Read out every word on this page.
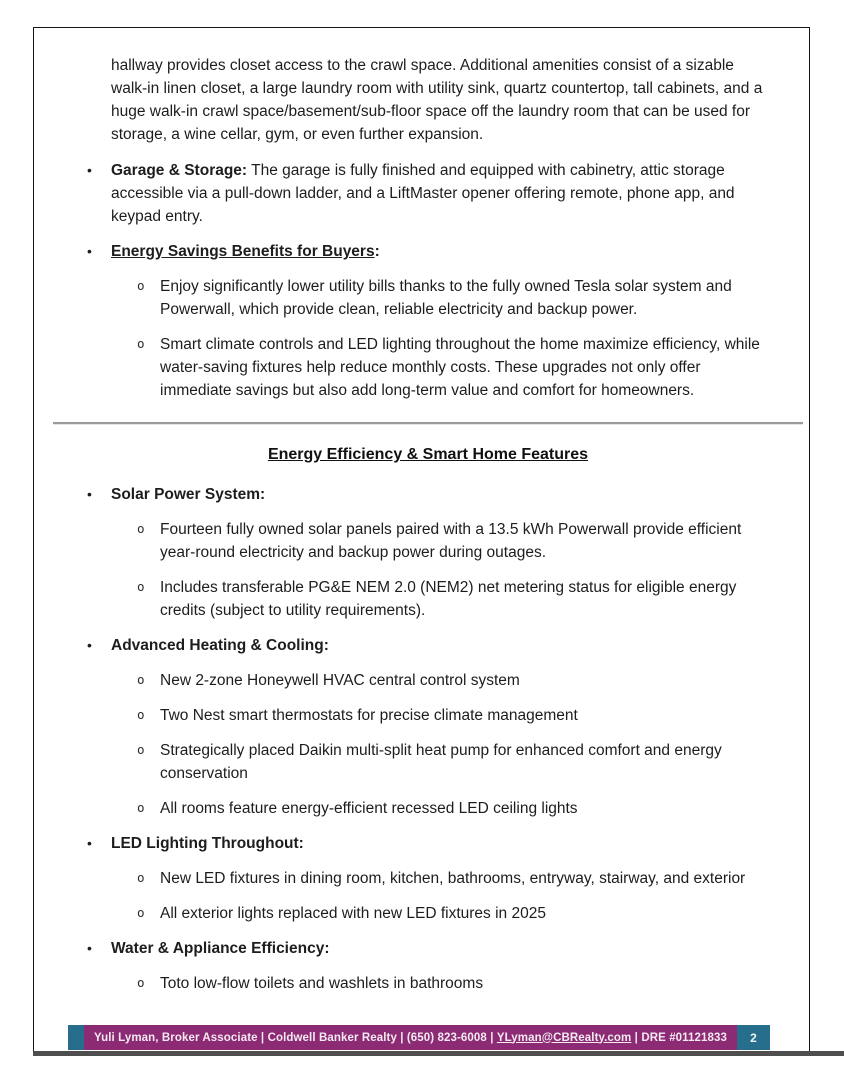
hallway provides closet access to the crawl space. Additional amenities consist of a sizable walk-in linen closet, a large laundry room with utility sink, quartz countertop, tall cabinets, and a huge walk-in crawl space/basement/sub-floor space off the laundry room that can be used for storage, a wine cellar, gym, or even further expansion.

•	Garage & Storage: The garage is fully finished and equipped with cabinetry, attic storage accessible via a pull-down ladder, and a LiftMaster opener offering remote, phone app, and keypad entry.
•	Energy Savings Benefits for Buyers:
o Enjoy significantly lower utility bills thanks to the fully owned Tesla solar system and Powerwall, which provide clean, reliable electricity and backup power.
o Smart climate controls and LED lighting throughout the home maximize efficiency, while water-saving fixtures help reduce monthly costs. These upgrades not only offer immediate savings but also add long-term value and comfort for homeowners.
Energy Efficiency & Smart Home Features
•	Solar Power System:
o Fourteen fully owned solar panels paired with a 13.5 kWh Powerwall provide efficient year-round electricity and backup power during outages.
o Includes transferable PG&E NEM 2.0 (NEM2) net metering status for eligible energy credits (subject to utility requirements).
•	Advanced Heating & Cooling:
o New 2-zone Honeywell HVAC central control system
o Two Nest smart thermostats for precise climate management
o Strategically placed Daikin multi-split heat pump for enhanced comfort and energy conservation
o All rooms feature energy-efficient recessed LED ceiling lights
•	LED Lighting Throughout:
o New LED fixtures in dining room, kitchen, bathrooms, entryway, stairway, and exterior
o All exterior lights replaced with new LED fixtures in 2025
•	Water & Appliance Efficiency:
o Toto low-flow toilets and washlets in bathrooms
Yuli Lyman, Broker Associate | Coldwell Banker Realty | (650) 823-6008 | YLyman@CBRealty.com | DRE #01121833	2
